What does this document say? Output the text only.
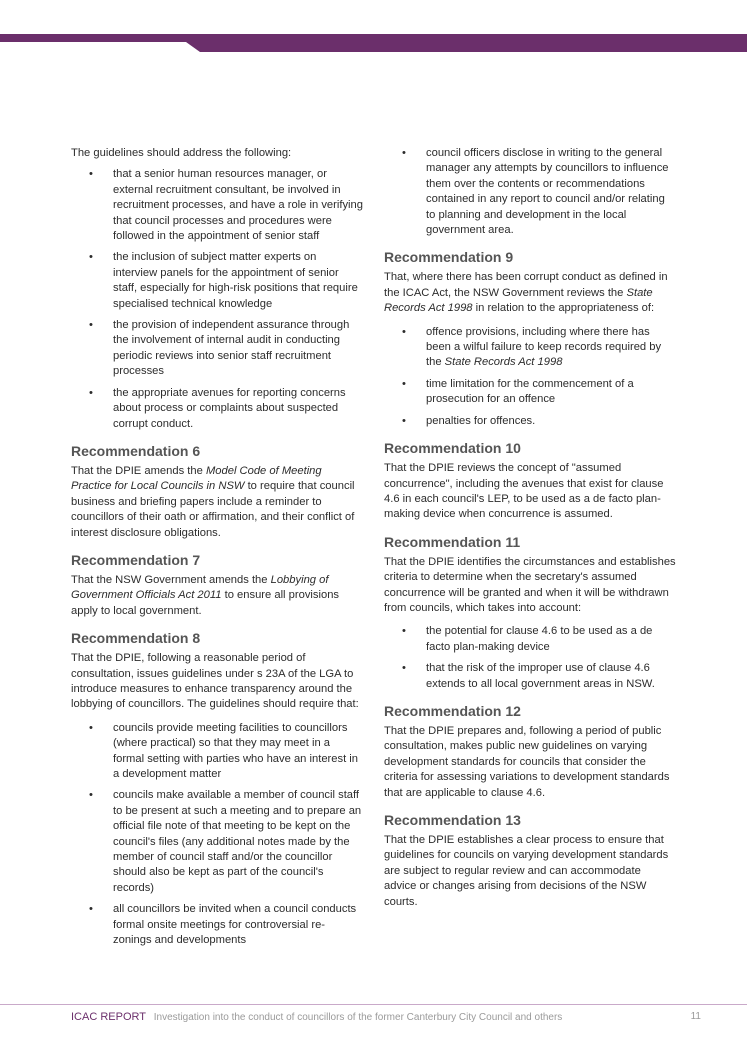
The guidelines should address the following:

• that a senior human resources manager, or external recruitment consultant, be involved in recruitment processes, and have a role in verifying that council processes and procedures were followed in the appointment of senior staff
• the inclusion of subject matter experts on interview panels for the appointment of senior staff, especially for high-risk positions that require specialised technical knowledge
• the provision of independent assurance through the involvement of internal audit in conducting periodic reviews into senior staff recruitment processes
• the appropriate avenues for reporting concerns about process or complaints about suspected corrupt conduct.
Recommendation 6

That the DPIE amends the Model Code of Meeting Practice for Local Councils in NSW to require that council business and briefing papers include a reminder to councillors of their oath or affirmation, and their conflict of interest disclosure obligations.

Recommendation 7

That the NSW Government amends the Lobbying of Government Officials Act 2011 to ensure all provisions apply to local government.

Recommendation 8

That the DPIE, following a reasonable period of consultation, issues guidelines under s 23A of the LGA to introduce measures to enhance transparency around the lobbying of councillors. The guidelines should require that:

• councils provide meeting facilities to councillors (where practical) so that they may meet in a formal setting with parties who have an interest in a development matter
• councils make available a member of council staff to be present at such a meeting and to prepare an official file note of that meeting to be kept on the council's files (any additional notes made by the member of council staff and/or the councillor should also be kept as part of the council's records)
• all councillors be invited when a council conducts formal onsite meetings for controversial re-zonings and developments
• council officers disclose in writing to the general manager any attempts by councillors to influence them over the contents or recommendations contained in any report to council and/or relating to planning and development in the local government area.
Recommendation 9

That, where there has been corrupt conduct as defined in the ICAC Act, the NSW Government reviews the State Records Act 1998 in relation to the appropriateness of:

• offence provisions, including where there has been a wilful failure to keep records required by the State Records Act 1998
• time limitation for the commencement of a prosecution for an offence
• penalties for offences.
Recommendation 10

That the DPIE reviews the concept of "assumed concurrence", including the avenues that exist for clause 4.6 in each council's LEP, to be used as a de facto plan-making device when concurrence is assumed.

Recommendation 11

That the DPIE identifies the circumstances and establishes criteria to determine when the secretary's assumed concurrence will be granted and when it will be withdrawn from councils, which takes into account:

• the potential for clause 4.6 to be used as a de facto plan-making device
• that the risk of the improper use of clause 4.6 extends to all local government areas in NSW.
Recommendation 12

That the DPIE prepares and, following a period of public consultation, makes public new guidelines on varying development standards for councils that consider the criteria for assessing variations to development standards that are applicable to clause 4.6.

Recommendation 13

That the DPIE establishes a clear process to ensure that guidelines for councils on varying development standards are subject to regular review and can accommodate advice or changes arising from decisions of the NSW courts.

ICAC REPORT Investigation into the conduct of councillors of the former Canterbury City Council and others	11
